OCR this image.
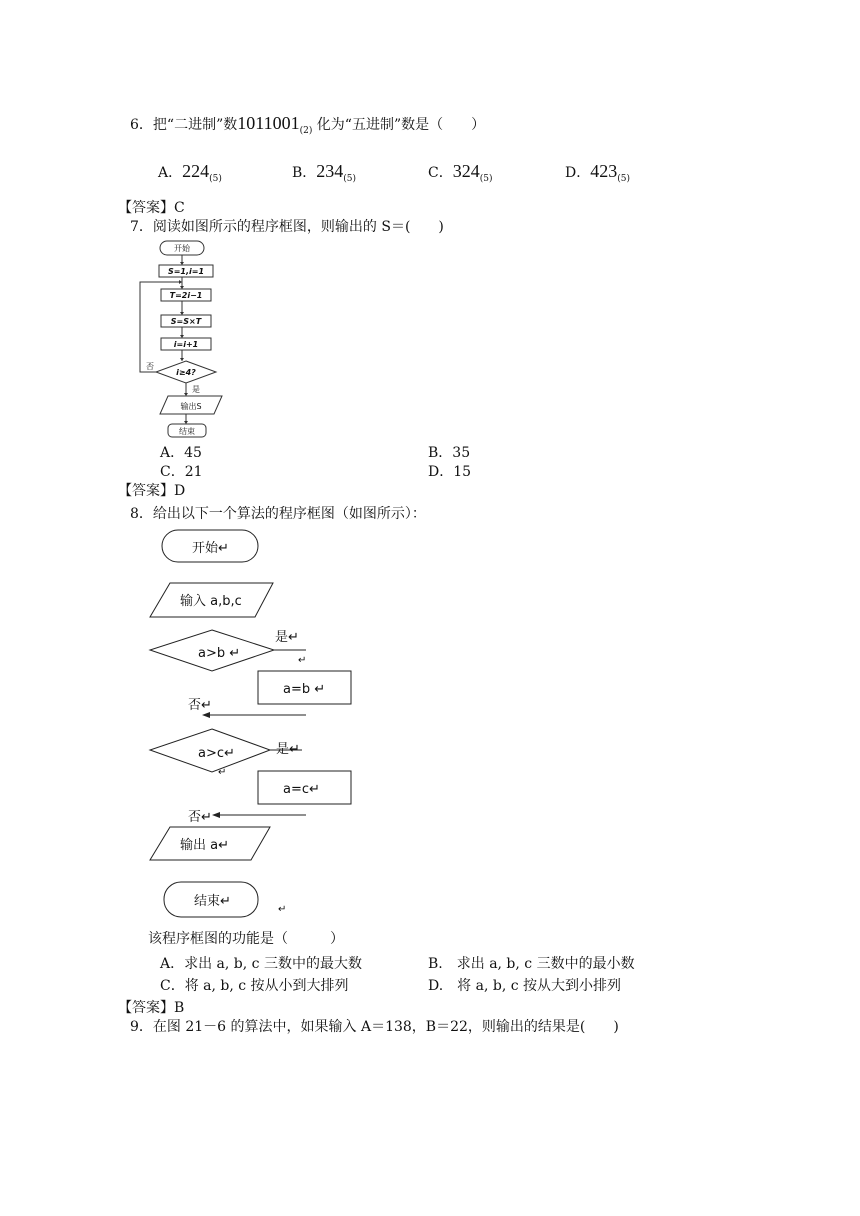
6．把“二进制”数$1011001_{(2)}$ 化为“五进制”数是（　　）
A．$224_{(5)}$	B．$234_{(5)}$	C．$324_{(5)}$	D．$423_{(5)}$
【答案】C
7．阅读如图所示的程序框图，则输出的 S＝(　　)
开始
S=1,i=1
T=2i−1
S=S×T
i=i+1
i≥4?
是
否
输出S
结束
A．45	B．35
C．21	D．15
【答案】D
8．给出以下一个算法的程序框图（如图所示）：
开始↵
输入 a,b,c
a>b ↵
是↵
↵
a=b ↵
否↵
a>c↵	是↵
↵
a=c↵
否↵
输出 a↵
结束↵
↵
该程序框图的功能是（　　　）
A．求出 a, b, c 三数中的最大数	B.　求出 a, b, c 三数中的最小数
C．将 a, b, c 按从小到大排列	D.　将 a, b, c 按从大到小排列
【答案】B
9．在图 21－6 的算法中，如果输入 A＝138，B＝22，则输出的结果是(　　)
